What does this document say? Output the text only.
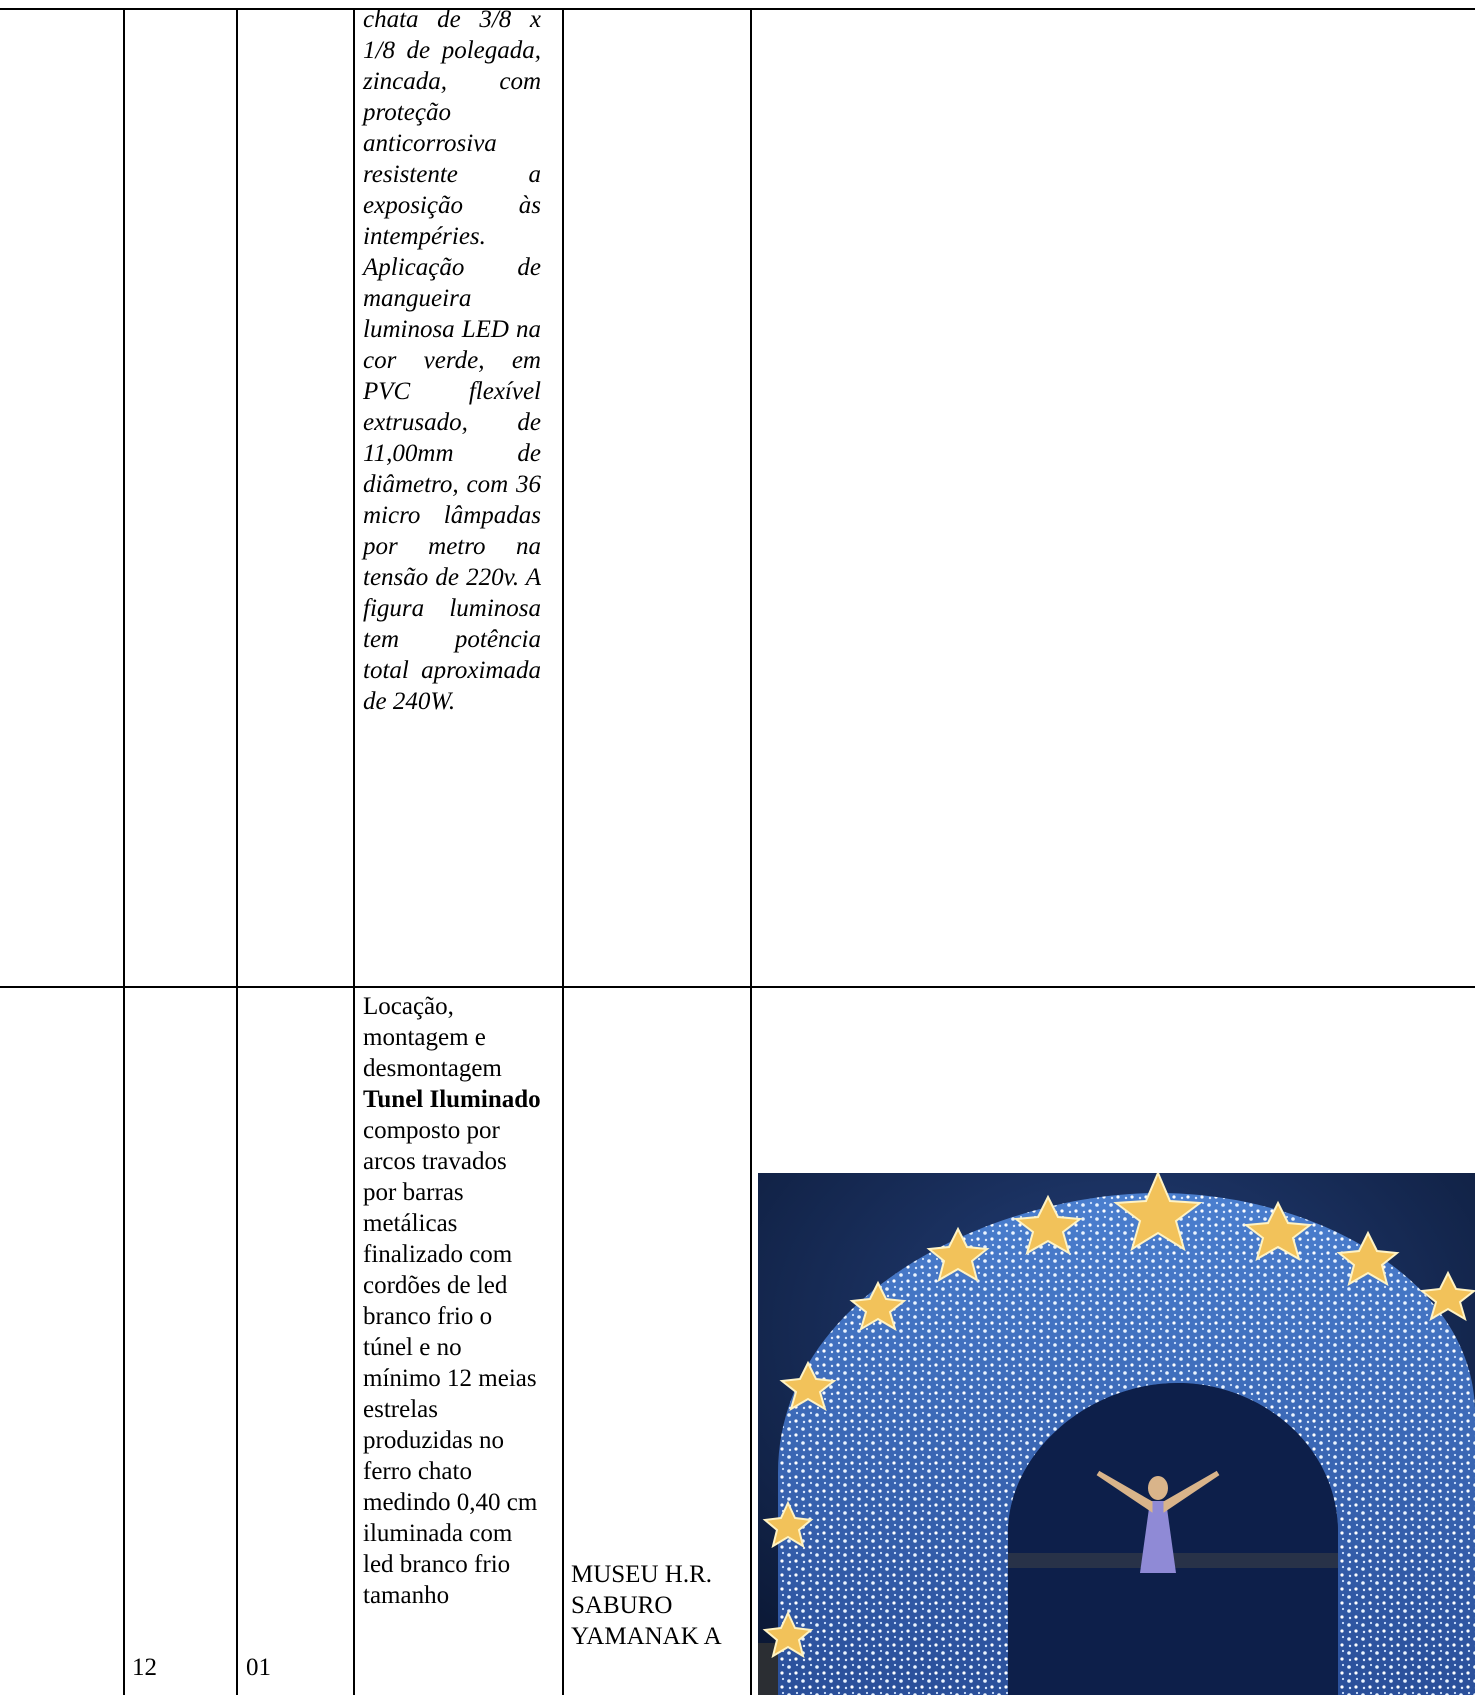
chata de 3/8 x 1/8 de polegada, zincada, com proteção anticorrosiva resistente a exposição às intempéries. Aplicação de mangueira luminosa LED na cor verde, em PVC flexível extrusado, de 11,00mm de diâmetro, com 36 micro lâmpadas por metro na tensão de 220v. A figura luminosa tem potência total aproximada de 240W.

12	01

Locação, montagem e desmontagem Tunel Iluminado composto por arcos travados por barras metálicas finalizado com cordões de led branco frio o túnel e no mínimo 12 meias estrelas produzidas no ferro chato medindo 0,40 cm iluminada com led branco frio tamanho

MUSEU H.R. SABURO YAMANAK A
